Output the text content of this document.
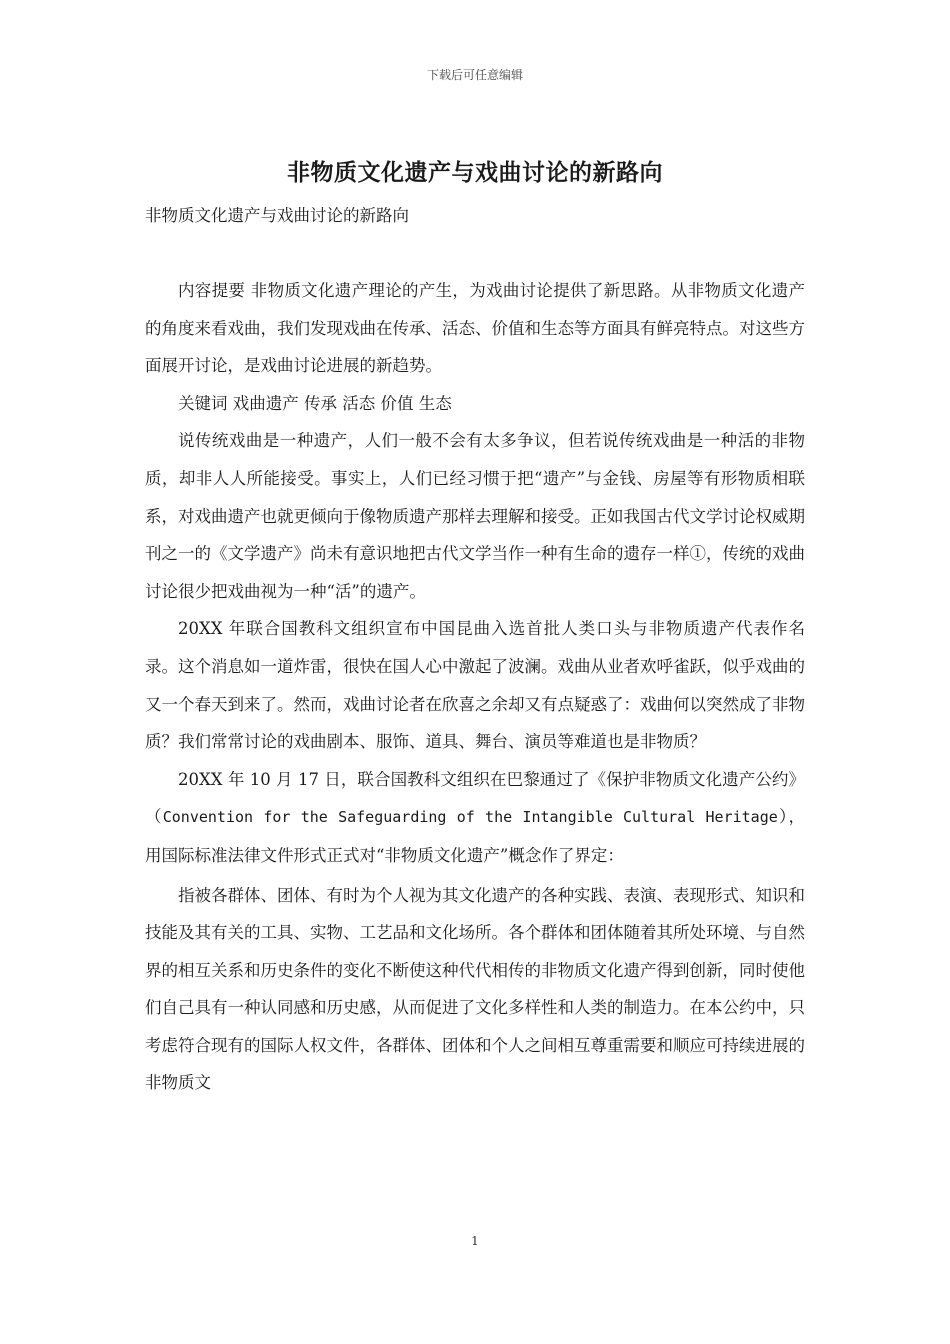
下载后可任意编辑
非物质文化遗产与戏曲讨论的新路向
非物质文化遗产与戏曲讨论的新路向

内容提要 非物质文化遗产理论的产生，为戏曲讨论提供了新思路。从非物质文化遗产的角度来看戏曲，我们发现戏曲在传承、活态、价值和生态等方面具有鲜亮特点。对这些方面展开讨论，是戏曲讨论进展的新趋势。

关键词 戏曲遗产 传承 活态 价值 生态

说传统戏曲是一种遗产，人们一般不会有太多争议，但若说传统戏曲是一种活的非物质，却非人人所能接受。事实上，人们已经习惯于把“遗产”与金钱、房屋等有形物质相联系，对戏曲遗产也就更倾向于像物质遗产那样去理解和接受。正如我国古代文学讨论权威期刊之一的《文学遗产》尚未有意识地把古代文学当作一种有生命的遗存一样①，传统的戏曲讨论很少把戏曲视为一种“活”的遗产。

20XX 年联合国教科文组织宣布中国昆曲入选首批人类口头与非物质遗产代表作名录。这个消息如一道炸雷，很快在国人心中激起了波澜。戏曲从业者欢呼雀跃，似乎戏曲的又一个春天到来了。然而，戏曲讨论者在欣喜之余却又有点疑惑了：戏曲何以突然成了非物质？我们常常讨论的戏曲剧本、服饰、道具、舞台、演员等难道也是非物质？

20XX 年 10 月 17 日，联合国教科文组织在巴黎通过了《保护非物质文化遗产公约》（Convention for the Safeguarding of the Intangible Cultural Heritage）， 用国际标准法律文件形式正式对“非物质文化遗产”概念作了界定：

指被各群体、团体、有时为个人视为其文化遗产的各种实践、表演、表现形式、知识和技能及其有关的工具、实物、工艺品和文化场所。各个群体和团体随着其所处环境、与自然界的相互关系和历史条件的变化不断使这种代代相传的非物质文化遗产得到创新，同时使他们自己具有一种认同感和历史感，从而促进了文化多样性和人类的制造力。在本公约中，只考虑符合现有的国际人权文件，各群体、团体和个人之间相互尊重需要和顺应可持续进展的非物质文

1
